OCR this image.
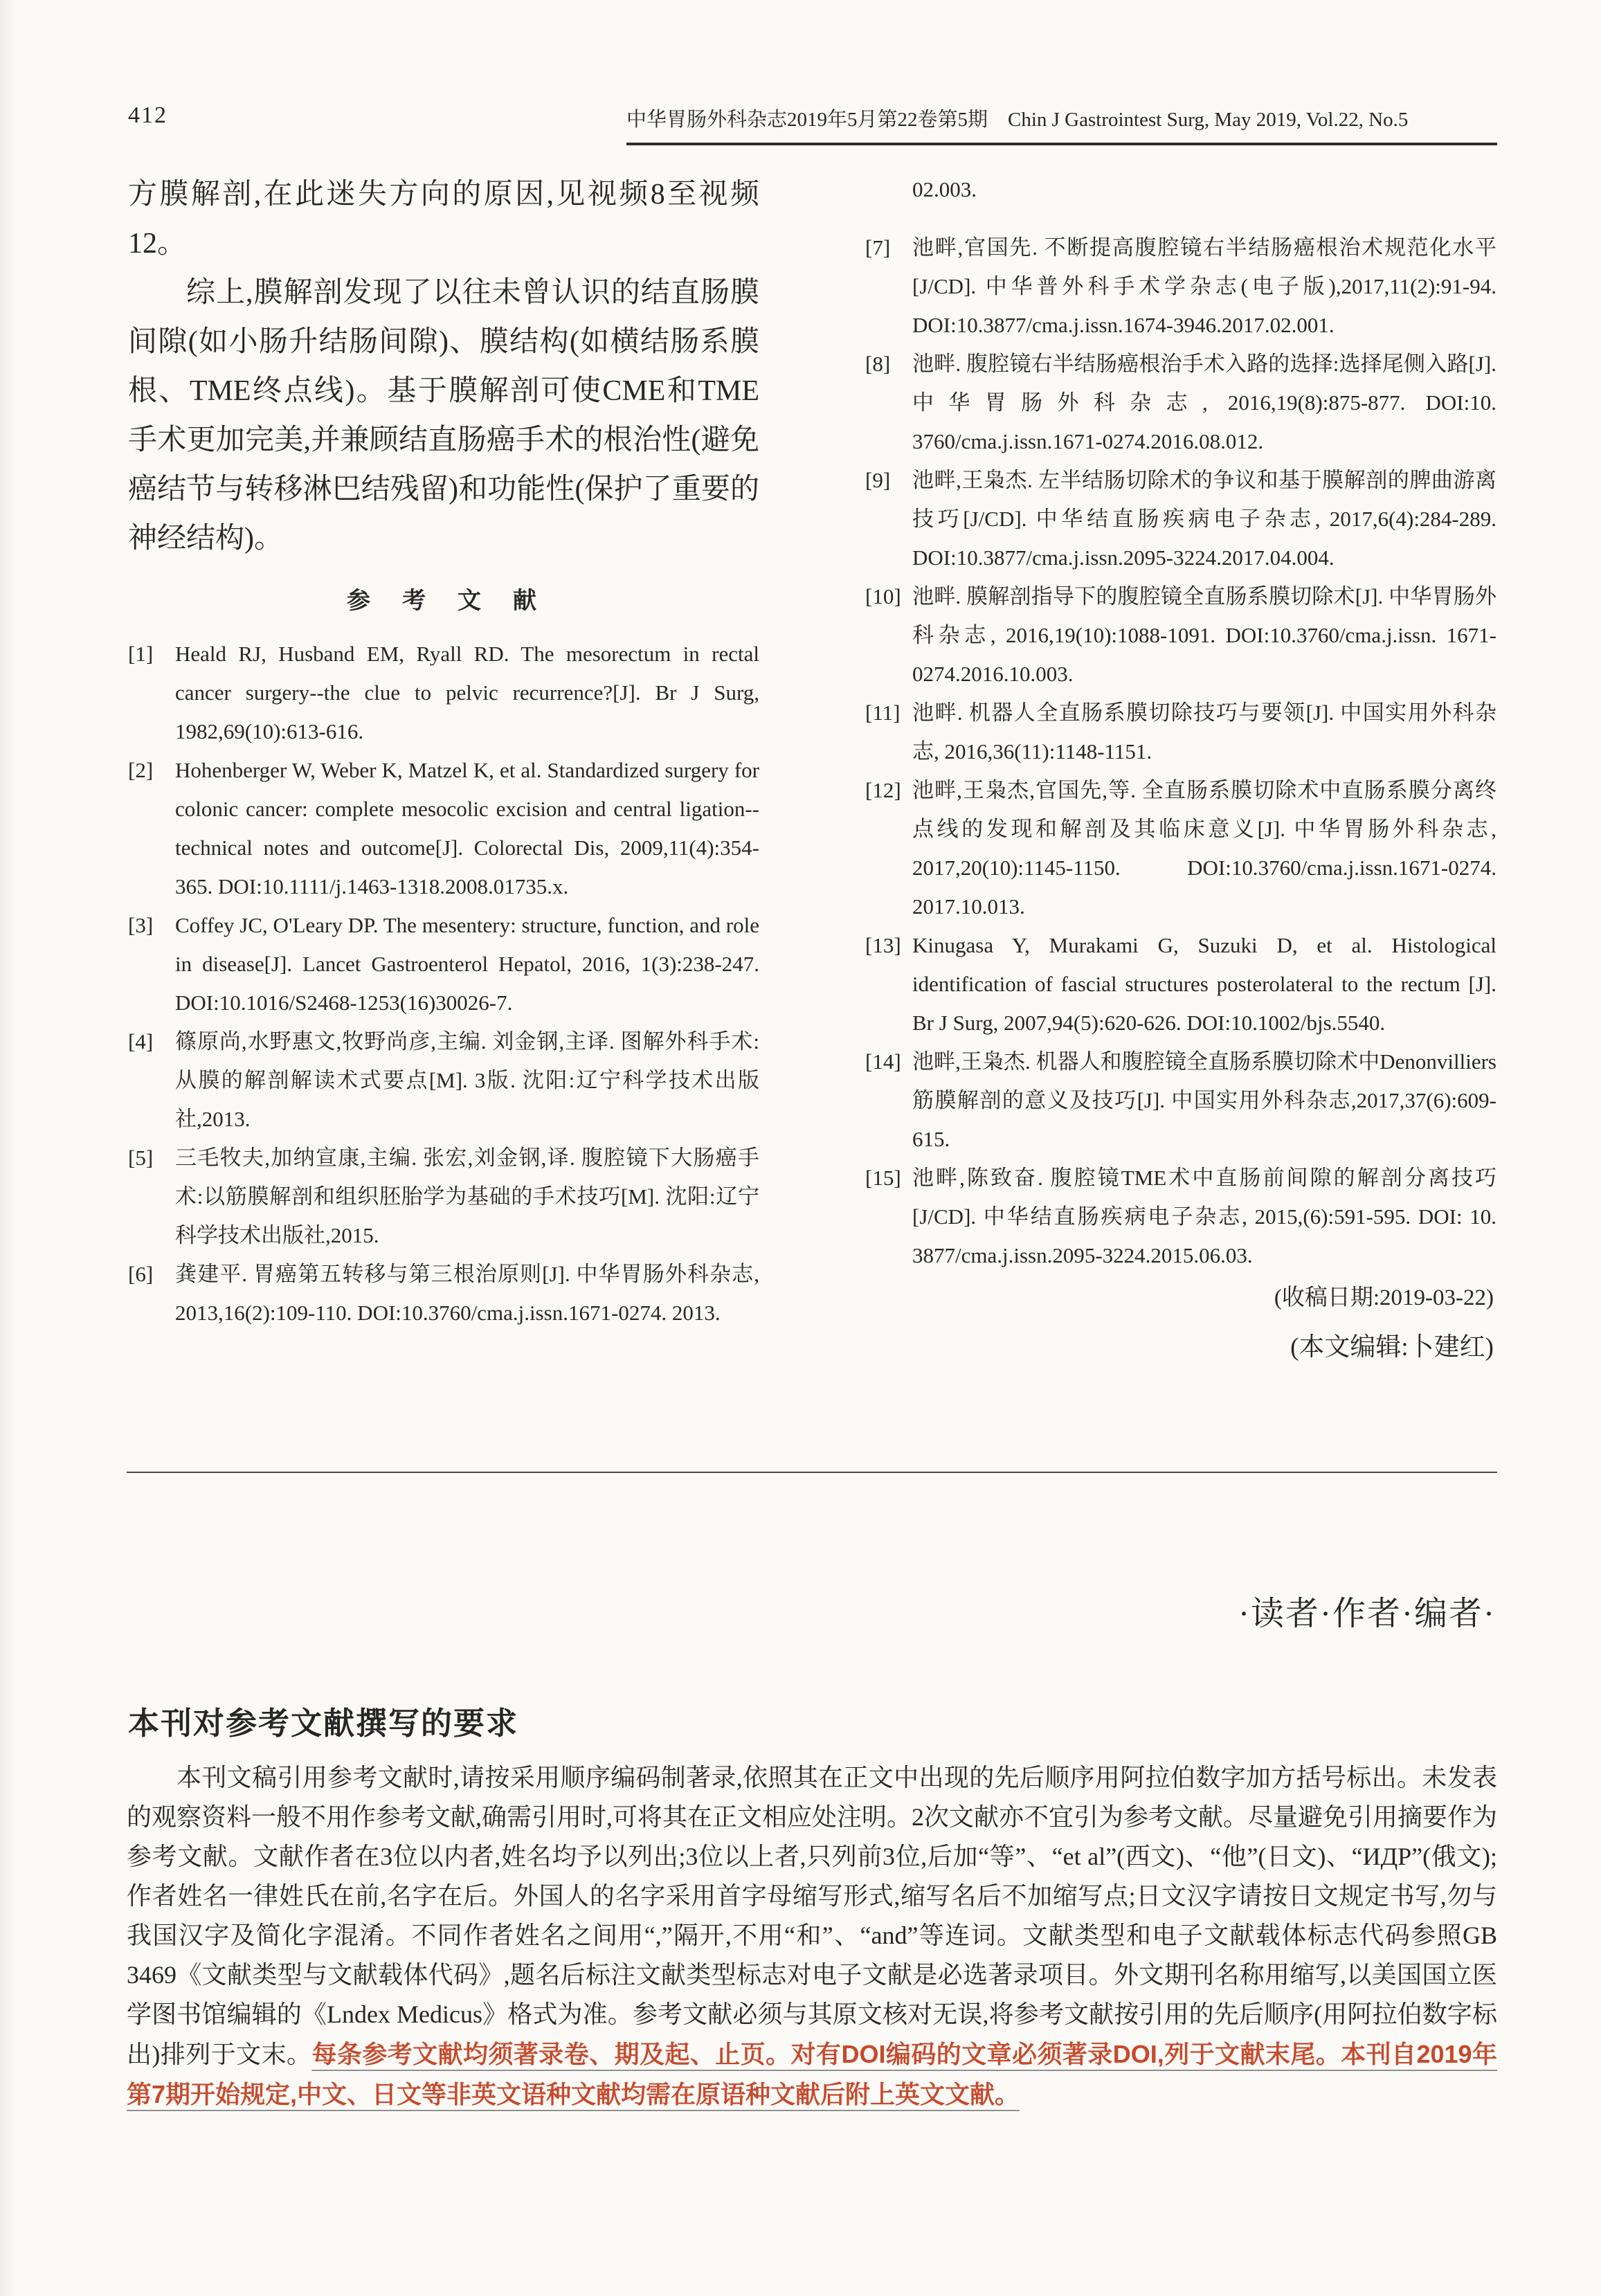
412	中华胃肠外科杂志2019年5月第22卷第5期　Chin J Gastrointest Surg, May 2019, Vol.22, No.5

方膜解剖,在此迷失方向的原因,见视频8至视频12。

综上,膜解剖发现了以往未曾认识的结直肠膜间隙(如小肠升结肠间隙)、膜结构(如横结肠系膜根、TME终点线)。基于膜解剖可使CME和TME手术更加完美,并兼顾结直肠癌手术的根治性(避免癌结节与转移淋巴结残留)和功能性(保护了重要的神经结构)。

参　考　文　献
[1] Heald RJ, Husband EM, Ryall RD. The mesorectum in rectal cancer surgery--the clue to pelvic recurrence?[J]. Br J Surg, 1982,69(10):613-616.
[2] Hohenberger W, Weber K, Matzel K, et al. Standardized surgery for colonic cancer: complete mesocolic excision and central ligation--technical notes and outcome[J]. Colorectal Dis, 2009,11(4):354-365. DOI:10.1111/j.1463-1318.2008.01735.x.
[3] Coffey JC, O'Leary DP. The mesentery: structure, function, and role in disease[J]. Lancet Gastroenterol Hepatol, 2016, 1(3):238-247. DOI:10.1016/S2468-1253(16)30026-7.
[4] 篠原尚,水野惠文,牧野尚彦,主编. 刘金钢,主译. 图解外科手术:从膜的解剖解读术式要点[M]. 3版. 沈阳:辽宁科学技术出版社,2013.
[5] 三毛牧夫,加纳宣康,主编. 张宏,刘金钢,译. 腹腔镜下大肠癌手术:以筋膜解剖和组织胚胎学为基础的手术技巧[M]. 沈阳:辽宁科学技术出版社,2015.
[6] 龚建平. 胃癌第五转移与第三根治原则[J]. 中华胃肠外科杂志, 2013,16(2):109-110. DOI:10.3760/cma.j.issn.1671-0274. 2013.
02.003.
[7] 池畔,官国先. 不断提高腹腔镜右半结肠癌根治术规范化水平[J/CD]. 中华普外科手术学杂志(电子版),2017,11(2):91-94. DOI:10.3877/cma.j.issn.1674-3946.2017.02.001.
[8] 池畔. 腹腔镜右半结肠癌根治手术入路的选择:选择尾侧入路[J]. 中华胃肠外科杂志, 2016,19(8):875-877. DOI:10. 3760/cma.j.issn.1671-0274.2016.08.012.
[9] 池畔,王枭杰. 左半结肠切除术的争议和基于膜解剖的脾曲游离技巧[J/CD]. 中华结直肠疾病电子杂志, 2017,6(4):284-289. DOI:10.3877/cma.j.issn.2095-3224.2017.04.004.
[10] 池畔. 膜解剖指导下的腹腔镜全直肠系膜切除术[J]. 中华胃肠外科杂志, 2016,19(10):1088-1091. DOI:10.3760/cma.j.issn. 1671-0274.2016.10.003.
[11] 池畔. 机器人全直肠系膜切除技巧与要领[J]. 中国实用外科杂志, 2016,36(11):1148-1151.
[12] 池畔,王枭杰,官国先,等. 全直肠系膜切除术中直肠系膜分离终点线的发现和解剖及其临床意义[J]. 中华胃肠外科杂志, 2017,20(10):1145-1150. DOI:10.3760/cma.j.issn.1671-0274. 2017.10.013.
[13] Kinugasa Y, Murakami G, Suzuki D, et al. Histological identification of fascial structures posterolateral to the rectum [J]. Br J Surg, 2007,94(5):620-626. DOI:10.1002/bjs.5540.
[14] 池畔,王枭杰. 机器人和腹腔镜全直肠系膜切除术中Denonvilliers筋膜解剖的意义及技巧[J]. 中国实用外科杂志,2017,37(6):609-615.
[15] 池畔,陈致奋. 腹腔镜TME术中直肠前间隙的解剖分离技巧[J/CD]. 中华结直肠疾病电子杂志, 2015,(6):591-595. DOI: 10. 3877/cma.j.issn.2095-3224.2015.06.03.

(收稿日期:2019-03-22)

(本文编辑:卜建红)

·读者·作者·编者·
本刊对参考文献撰写的要求

本刊文稿引用参考文献时,请按采用顺序编码制著录,依照其在正文中出现的先后顺序用阿拉伯数字加方括号标出。未发表的观察资料一般不用作参考文献,确需引用时,可将其在正文相应处注明。2次文献亦不宜引为参考文献。尽量避免引用摘要作为参考文献。文献作者在3位以内者,姓名均予以列出;3位以上者,只列前3位,后加“等”、“et al”(西文)、“他”(日文)、“ИДР”(俄文);作者姓名一律姓氏在前,名字在后。外国人的名字采用首字母缩写形式,缩写名后不加缩写点;日文汉字请按日文规定书写,勿与我国汉字及简化字混淆。不同作者姓名之间用“,”隔开,不用“和”、“and”等连词。文献类型和电子文献载体标志代码参照GB 3469《文献类型与文献载体代码》,题名后标注文献类型标志对电子文献是必选著录项目。外文期刊名称用缩写,以美国国立医学图书馆编辑的《Lndex Medicus》格式为准。参考文献必须与其原文核对无误,将参考文献按引用的先后顺序(用阿拉伯数字标出)排列于文末。每条参考文献均须著录卷、期及起、止页。对有DOI编码的文章必须著录DOI,列于文献末尾。本刊自2019年第7期开始规定,中文、日文等非英文语种文献均需在原语种文献后附上英文文献。
